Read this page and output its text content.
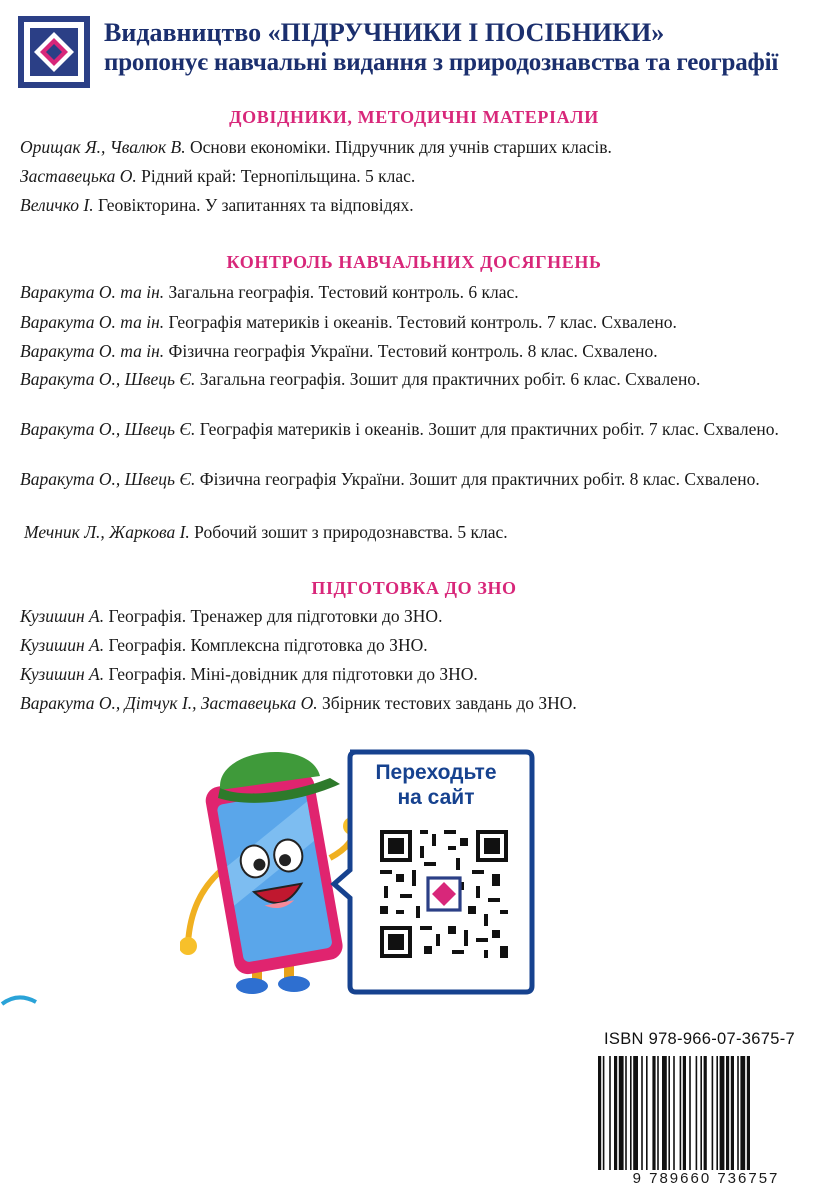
Видавництво «ПІДРУЧНИКИ І ПОСІБНИКИ»
пропонує навчальні видання з природознавства та географії
ДОВІДНИКИ, МЕТОДИЧНІ МАТЕРІАЛИ
Орищак Я., Чвалюк В. Основи економіки. Підручник для учнів старших класів.
Заставецька О. Рідний край: Тернопільщина. 5 клас.
Величко І. Геовікторина. У запитаннях та відповідях.
КОНТРОЛЬ НАВЧАЛЬНИХ ДОСЯГНЕНЬ
Варакута О. та ін. Загальна географія. Тестовий контроль. 6 клас.
Варакута О. та ін. Географія материків і океанів. Тестовий контроль. 7 клас. Схвалено.
Варакута О. та ін. Фізична географія України. Тестовий контроль. 8 клас. Схвалено.
Варакута О., Швець Є. Загальна географія. Зошит для практичних робіт. 6 клас. Схвалено.
Варакута О., Швець Є. Географія материків і океанів. Зошит для практичних робіт. 7 клас. Схвалено.
Варакута О., Швець Є. Фізична географія України. Зошит для практичних робіт. 8 клас. Схвалено.
Мечник Л., Жаркова І. Робочий зошит з природознавства. 5 клас.
ПІДГОТОВКА ДО ЗНО
Кузишин А. Географія. Тренажер для підготовки до ЗНО.
Кузишин А. Географія. Комплексна підготовка до ЗНО.
Кузишин А. Географія. Міні-довідник для підготовки до ЗНО.
Варакута О., Дітчук І., Заставецька О. Збірник тестових завдань до ЗНО.
Переходьте
на сайт
ISBN 978-966-07-3675-7
9 789660 736757
